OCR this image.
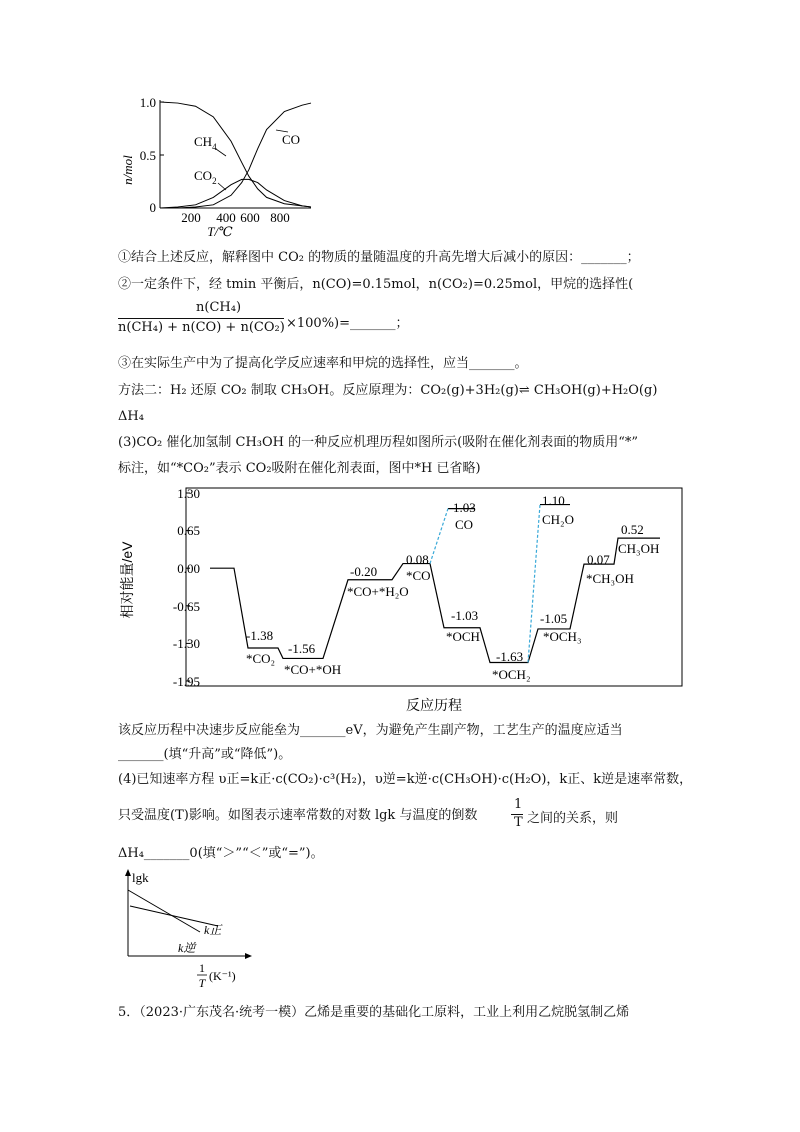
n/mol
1.0
0.5
0
200 400 600 800
T/℃
$CH_4$	CO
$CO_2$
①结合上述反应，解释图中 CO₂ 的物质的量随温度的升高先增大后减小的原因：_______；
②一定条件下，经 tmin 平衡后，n(CO)=0.15mol，n(CO₂)=0.25mol，甲烷的选择性(
n(CH₄)
n(CH₄) + n(CO) + n(CO₂) ×100%)=_______；
③在实际生产中为了提高化学反应速率和甲烷的选择性，应当_______。
方法二：H₂ 还原 CO₂ 制取 CH₃OH。反应原理为：CO₂(g)+3H₂(g)⇌ CH₃OH(g)+H₂O(g)
ΔH₄
(3)CO₂ 催化加氢制 CH₃OH 的一种反应机理历程如图所示(吸附在催化剂表面的物质用“*”
标注，如“*CO₂”表示 CO₂吸附在催化剂表面，图中*H 已省略)
相对能量/eV
1.30
0.65
0.00
-0.65
-1.30
-1.95
-1.38
*CO₂
-1.56
*CO+*OH
-0.20
*CO+*H₂O
0.08
*CO
1.03
CO
-1.03
*OCH
-1.63
*OCH₂
1.10
CH₂O
-1.05
*OCH₃
0.07
*CH₃OH
0.52
CH₃OH
反应历程
该反应历程中决速步反应能垒为_______eV，为避免产生副产物，工艺生产的温度应适当
_______(填“升高”或“降低”)。
(4)已知速率方程 υ正=k正·c(CO₂)·c³(H₂)，υ逆=k逆·c(CH₃OH)·c(H₂O)，k正、k逆是速率常数，
只受温度(T)影响。如图表示速率常数的对数 lgk 与温度的倒数
1
T 之间的关系，则
ΔH₄_______0(填“＞”“＜”或“=”)。
lgk
k正
k逆
1
T (K⁻¹)
5．（2023·广东茂名·统考一模）乙烯是重要的基础化工原料，工业上利用乙烷脱氢制乙烯
